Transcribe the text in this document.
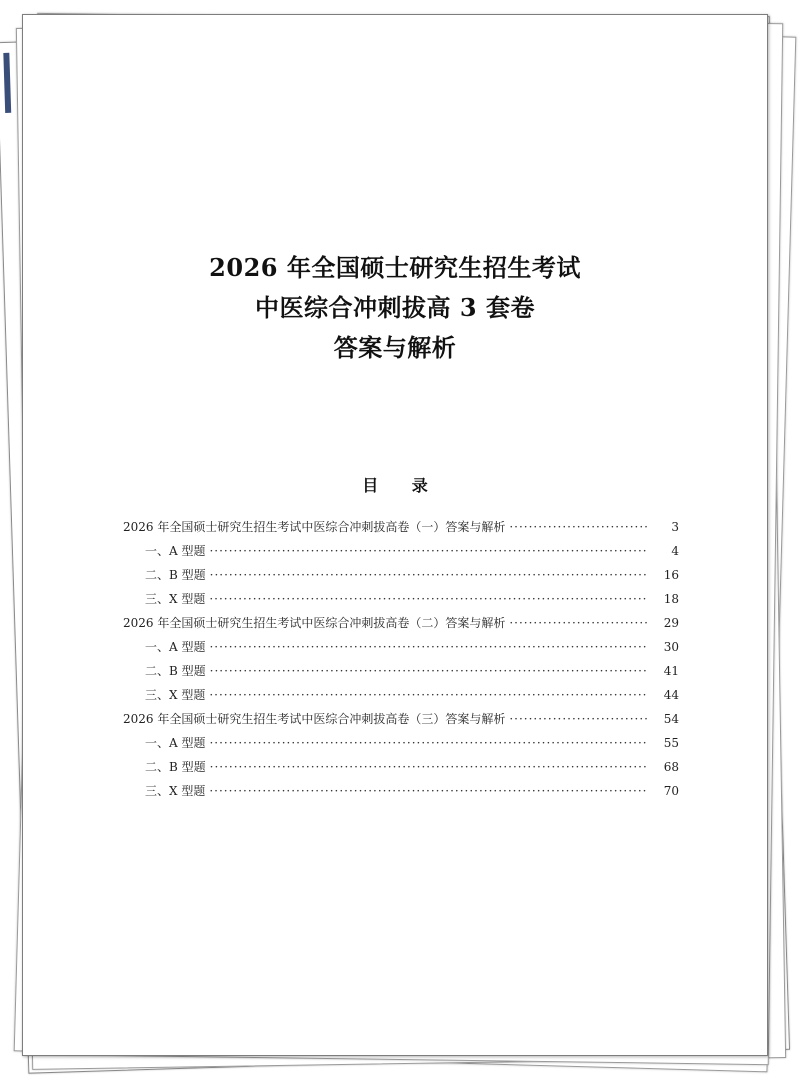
2026 年全国硕士研究生招生考试
中医综合冲刺拔高 3 套卷
答案与解析
目 录
2026 年全国硕士研究生招生考试中医综合冲刺拔高卷（一）答案与解析 ·····	3
一、A 型题 ·····	4
二、B 型题 ·····	16
三、X 型题 ·····	18
2026 年全国硕士研究生招生考试中医综合冲刺拔高卷（二）答案与解析 ·····	29
一、A 型题 ·····	30
二、B 型题 ·····	41
三、X 型题 ·····	44
2026 年全国硕士研究生招生考试中医综合冲刺拔高卷（三）答案与解析 ·····	54
一、A 型题 ·····	55
二、B 型题 ·····	68
三、X 型题 ·····	70
